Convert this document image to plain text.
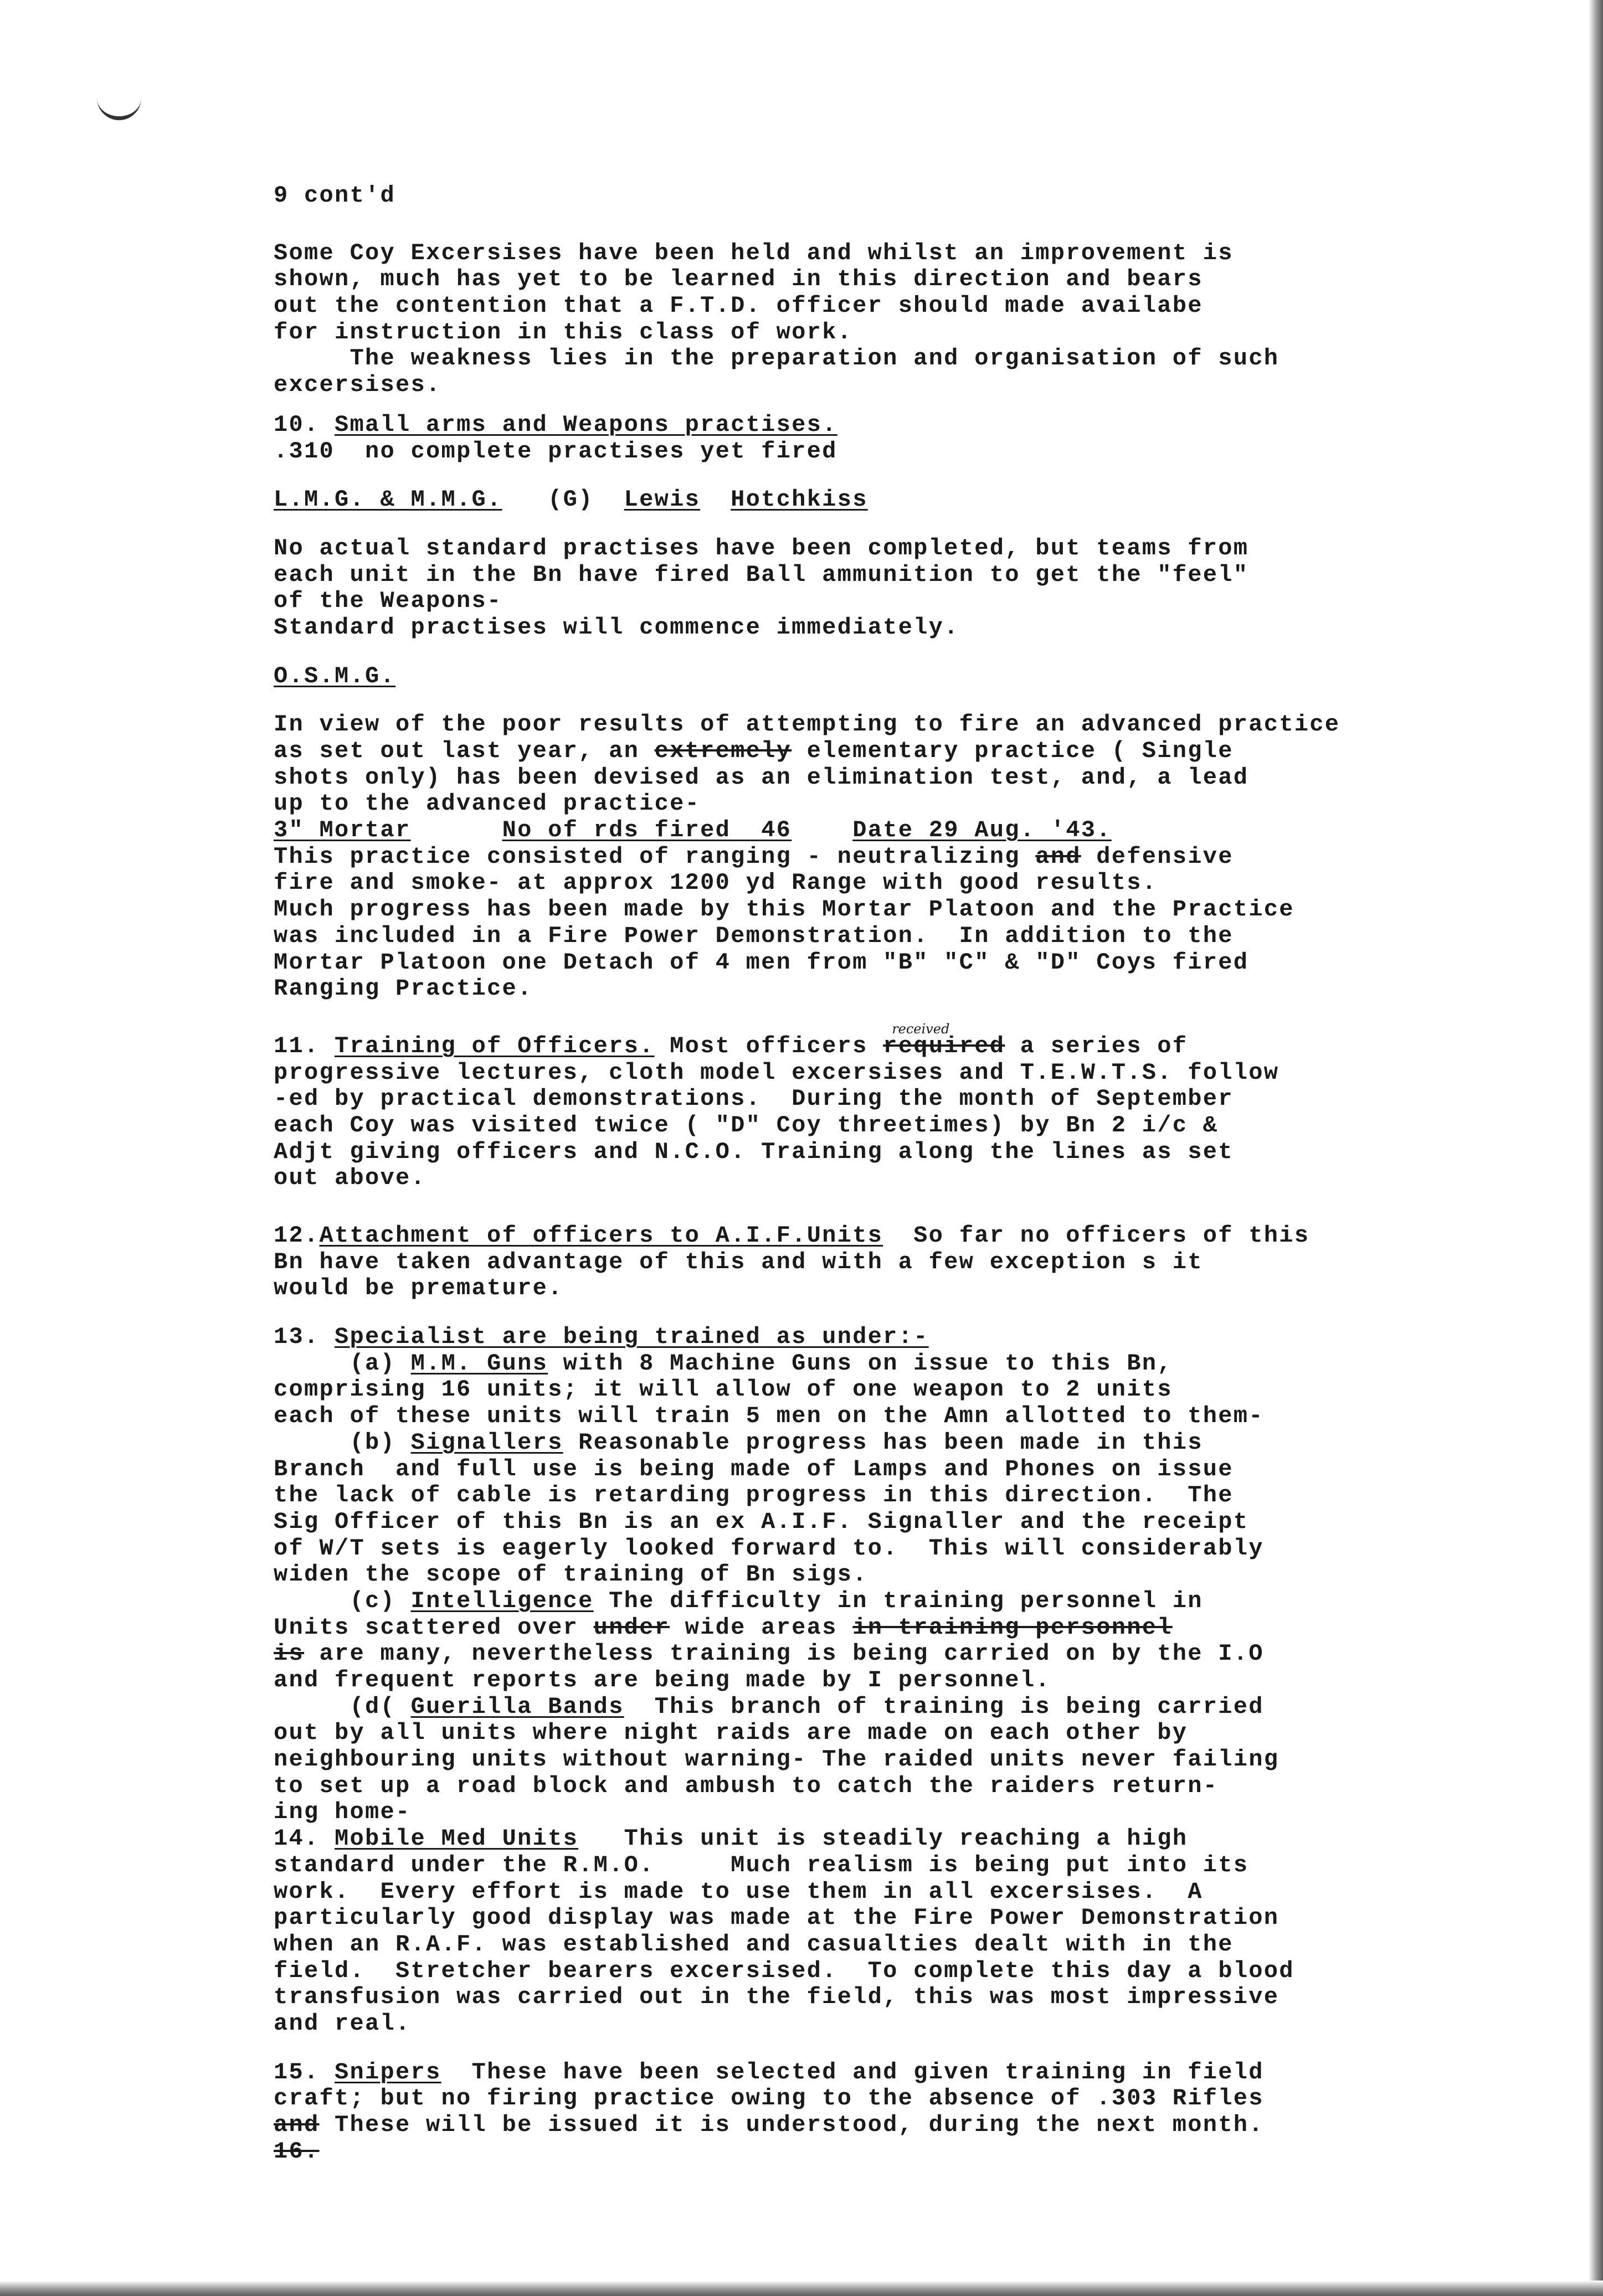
9 cont'd
Some Coy Excersises have been held and whilst an improvement is
shown, much has yet to be learned in this direction and bears
out the contention that a F.T.D. officer should made availabe
for instruction in this class of work.
The weakness lies in the preparation and organisation of such
excersises.
10. Small arms and Weapons practises.
.310  no complete practises yet fired
L.M.G. & M.M.G.   (G)  Lewis Hotchkiss
No actual standard practises have been completed, but teams from
each unit in the Bn have fired Ball ammunition to get the "feel"
of the Weapons-
Standard practises will commence immediately.
O.S.M.G.
In view of the poor results of attempting to fire an advanced practice
as set out last year, an extremely elementary practice ( Single
shots only) has been devised as an elimination test, and, a lead
up to the advanced practice-
3" Mortar	No of rds fired  46	Date 29 Aug. '43.
This practice consisted of ranging - neutralizing and defensive
fire and smoke- at approx 1200 yd Range with good results.
Much progress has been made by this Mortar Platoon and the Practice
was included in a Fire Power Demonstration.  In addition to the
Mortar Platoon one Detach of 4 men from "B" "C" & "D" Coys fired
Ranging Practice.
11. Training of Officers. Most officers
received
required a series of
progressive lectures, cloth model excersises and T.E.W.T.S. follow
-ed by practical demonstrations.  During the month of September
each Coy was visited twice ( "D" Coy threetimes) by Bn 2 i/c &
Adjt giving officers and N.C.O. Training along the lines as set
out above.
12.Attachment of officers to A.I.F.Units  So far no officers of this
Bn have taken advantage of this and with a few exception s it
would be premature.
13. Specialist are being trained as under:-
(a) M.M. Guns with 8 Machine Guns on issue to this Bn,
comprising 16 units; it will allow of one weapon to 2 units
each of these units will train 5 men on the Amn allotted to them-
(b) Signallers Reasonable progress has been made in this
Branch  and full use is being made of Lamps and Phones on issue
the lack of cable is retarding progress in this direction.  The
Sig Officer of this Bn is an ex A.I.F. Signaller and the receipt
of W/T sets is eagerly looked forward to.  This will considerably
widen the scope of training of Bn sigs.
(c) Intelligence The difficulty in training personnel in
Units scattered over under wide areas in training personnel
is are many, nevertheless training is being carried on by the I.O
and frequent reports are being made by I personnel.
(d( Guerilla Bands  This branch of training is being carried
out by all units where night raids are made on each other by
neighbouring units without warning- The raided units never failing
to set up a road block and ambush to catch the raiders return-
ing home-
14. Mobile Med Units   This unit is steadily reaching a high
standard under the R.M.O.     Much realism is being put into its
work.  Every effort is made to use them in all excersises.  A
particularly good display was made at the Fire Power Demonstration
when an R.A.F. was established and casualties dealt with in the
field.  Stretcher bearers excersised.  To complete this day a blood
transfusion was carried out in the field, this was most impressive
and real.
15. Snipers  These have been selected and given training in field
craft; but no firing practice owing to the absence of .303 Rifles
and These will be issued it is understood, during the next month.
16.
